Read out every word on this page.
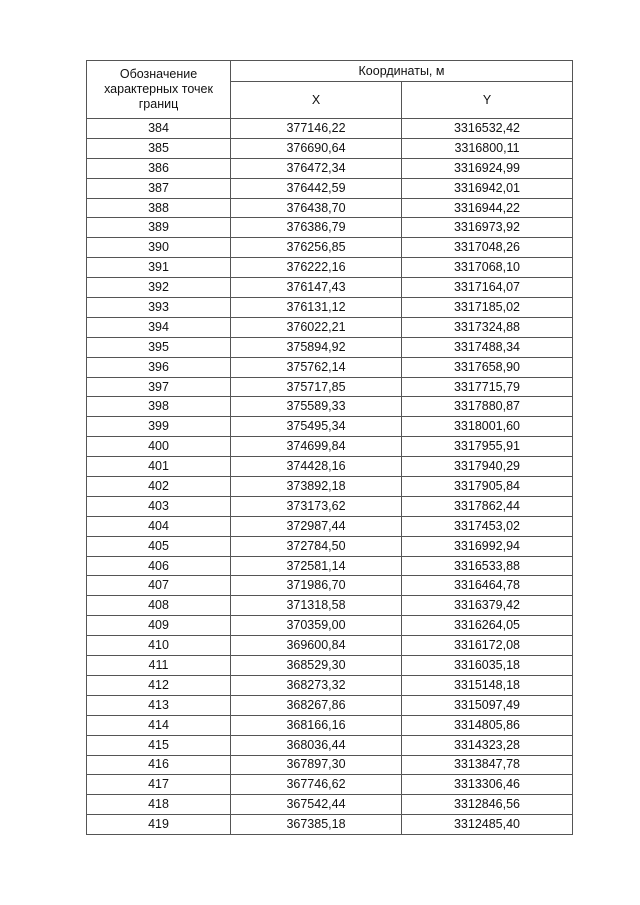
Обозначение характерных точек границ	Координаты, м	
	X	Y
384	377146,22	3316532,42
385	376690,64	3316800,11
386	376472,34	3316924,99
387	376442,59	3316942,01
388	376438,70	3316944,22
389	376386,79	3316973,92
390	376256,85	3317048,26
391	376222,16	3317068,10
392	376147,43	3317164,07
393	376131,12	3317185,02
394	376022,21	3317324,88
395	375894,92	3317488,34
396	375762,14	3317658,90
397	375717,85	3317715,79
398	375589,33	3317880,87
399	375495,34	3318001,60
400	374699,84	3317955,91
401	374428,16	3317940,29
402	373892,18	3317905,84
403	373173,62	3317862,44
404	372987,44	3317453,02
405	372784,50	3316992,94
406	372581,14	3316533,88
407	371986,70	3316464,78
408	371318,58	3316379,42
409	370359,00	3316264,05
410	369600,84	3316172,08
411	368529,30	3316035,18
412	368273,32	3315148,18
413	368267,86	3315097,49
414	368166,16	3314805,86
415	368036,44	3314323,28
416	367897,30	3313847,78
417	367746,62	3313306,46
418	367542,44	3312846,56
419	367385,18	3312485,40
